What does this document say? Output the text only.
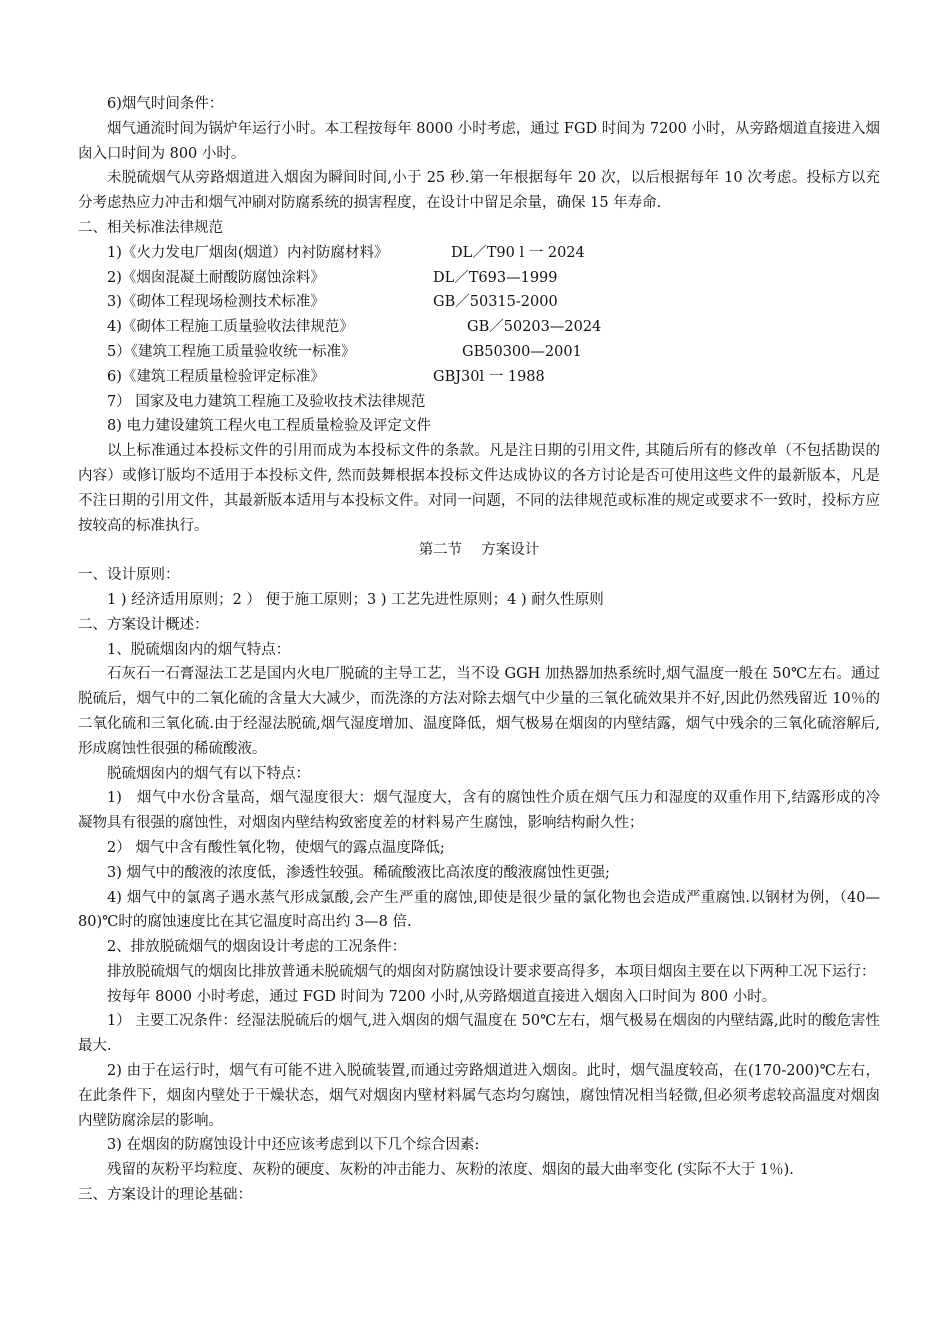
6)烟气时间条件：

烟气通流时间为锅炉年运行小时。本工程按每年 8000 小时考虑，通过 FGD 时间为 7200 小时，从旁路烟道直接进入烟囱入口时间为 800 小时。

未脱硫烟气从旁路烟道进入烟囱为瞬间时间,小于 25 秒.第一年根据每年 20 次，以后根据每年 10 次考虑。投标方以充分考虑热应力冲击和烟气冲刷对防腐系统的损害程度，在设计中留足余量，确保 15 年寿命.

二、相关标准法律规范

1)《火力发电厂烟囱(烟道）内衬防腐材料》	DL／T90 l 一 2024
2)《烟囱混凝土耐酸防腐蚀涂料》	DL／T693—1999
3)《砌体工程现场检测技术标准》	GB／50315-2000
4)《砌体工程施工质量验收法律规范》	GB／50203—2024
5）《建筑工程施工质量验收统一标准》	GB50300—2001
6)《建筑工程质量检验评定标准》	GBJ30l 一 1988

7） 国家及电力建筑工程施工及验收技术法律规范

8) 电力建设建筑工程火电工程质量检验及评定文件

以上标准通过本投标文件的引用而成为本投标文件的条款。凡是注日期的引用文件, 其随后所有的修改单（不包括勘误的内容）或修订版均不适用于本投标文件, 然而鼓舞根据本投标文件达成协议的各方讨论是否可使用这些文件的最新版本，凡是不注日期的引用文件，其最新版本适用与本投标文件。对同一问题，不同的法律规范或标准的规定或要求不一致时，投标方应按较高的标准执行。

第二节　 方案设计

一、设计原则：

1 ) 经济适用原则；2 ） 便于施工原则；3 ) 工艺先进性原则；4 ) 耐久性原则

二、方案设计概述：

1、脱硫烟囱内的烟气特点：

石灰石一石膏湿法工艺是国内火电厂脱硫的主导工艺，当不设 GGH 加热器加热系统时,烟气温度一般在 50℃左右。通过脱硫后，烟气中的二氧化硫的含量大大减少，而洗涤的方法对除去烟气中少量的三氧化硫效果并不好,因此仍然残留近 10％的二氧化硫和三氧化硫.由于经湿法脱硫,烟气湿度增加、温度降低，烟气极易在烟囱的内壁结露，烟气中残余的三氧化硫溶解后,形成腐蚀性很强的稀硫酸液。

脱硫烟囱内的烟气有以下特点：

1)　烟气中水份含量高，烟气湿度很大：烟气湿度大，含有的腐蚀性介质在烟气压力和湿度的双重作用下,结露形成的冷凝物具有很强的腐蚀性，对烟囱内壁结构致密度差的材料易产生腐蚀，影响结构耐久性；

2） 烟气中含有酸性氧化物，使烟气的露点温度降低;

3) 烟气中的酸液的浓度低，渗透性较强。稀硫酸液比高浓度的酸液腐蚀性更强;

4) 烟气中的氯离子遇水蒸气形成氯酸,会产生严重的腐蚀,即使是很少量的氯化物也会造成严重腐蚀.以钢材为例，（40—80)℃时的腐蚀速度比在其它温度时高出约 3—8 倍.

2、排放脱硫烟气的烟囱设计考虑的工况条件：

排放脱硫烟气的烟囱比排放普通未脱硫烟气的烟囱对防腐蚀设计要求要高得多，本项目烟囱主要在以下两种工况下运行：

按每年 8000 小时考虑，通过 FGD 时间为 7200 小时,从旁路烟道直接进入烟囱入口时间为 800 小时。

1） 主要工况条件：经湿法脱硫后的烟气,进入烟囱的烟气温度在 50℃左右，烟气极易在烟囱的内壁结露,此时的酸危害性最大.

2) 由于在运行时，烟气有可能不进入脱硫装置,而通过旁路烟道进入烟囱。此时，烟气温度较高，在(170-200)℃左右，在此条件下，烟囱内壁处于干燥状态，烟气对烟囱内壁材料属气态均匀腐蚀，腐蚀情况相当轻微,但必须考虑较高温度对烟囱内壁防腐涂层的影响。

3) 在烟囱的防腐蚀设计中还应该考虑到以下几个综合因素:

残留的灰粉平均粒度、灰粉的硬度、灰粉的冲击能力、灰粉的浓度、烟囱的最大曲率变化 (实际不大于 1％).

三、方案设计的理论基础：
